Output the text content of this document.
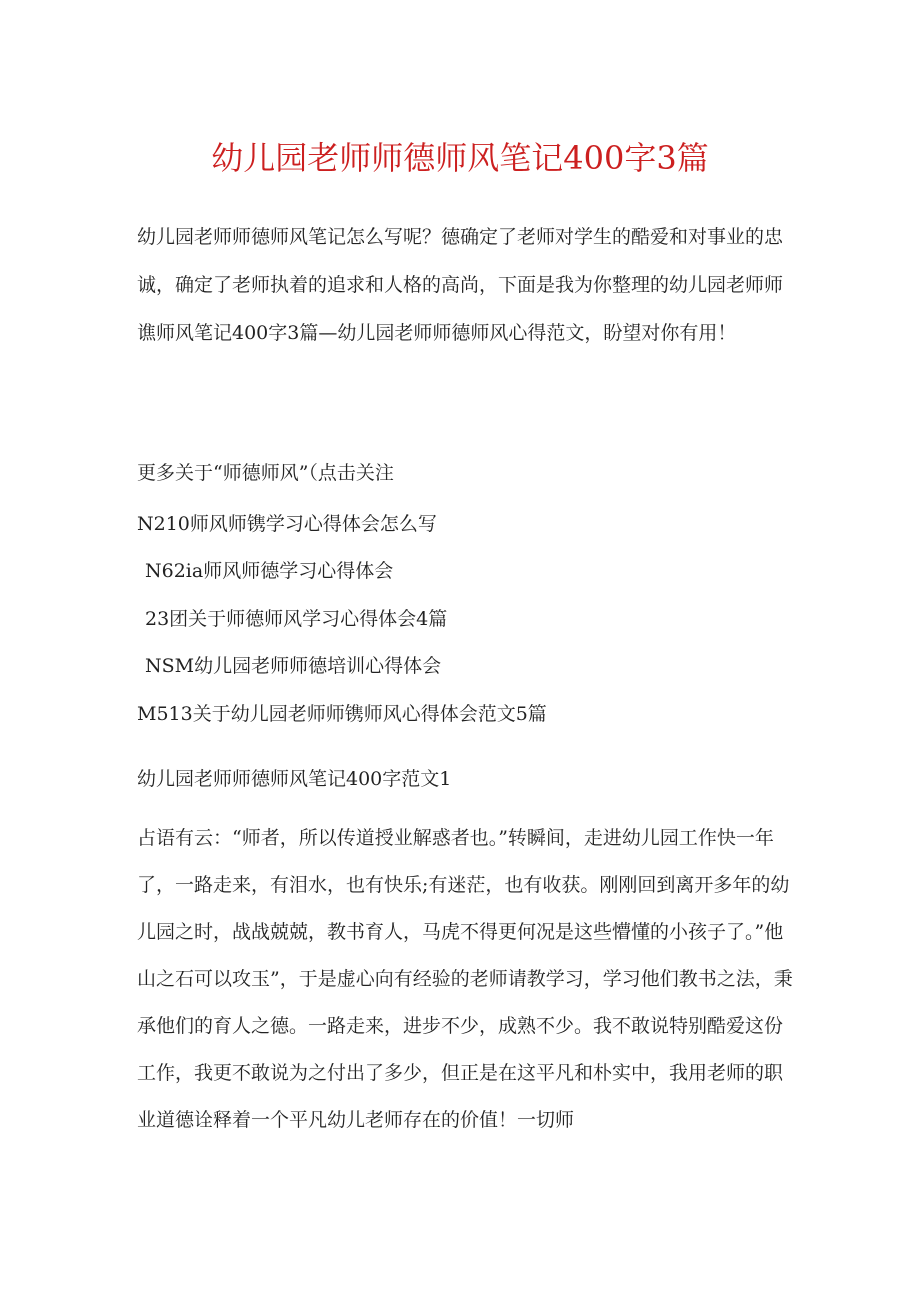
幼儿园老师师德师风笔记400字3篇

幼儿园老师师德师风笔记怎么写呢？德确定了老师对学生的酷爱和对事业的忠诚，确定了老师执着的追求和人格的高尚，下面是我为你整理的幼儿园老师师谯师风笔记400字3篇—幼儿园老师师德师风心得范文，盼望对你有用！

更多关于“师德师风”（点击关注
N210师风师镌学习心得体会怎么写
N62ia师风师德学习心得体会
23团关于师德师风学习心得体会4篇
NSM幼儿园老师师德培训心得体会
M513关于幼儿园老师师镌师风心得体会范文5篇
幼儿园老师师德师风笔记400字范文1

占语有云：“师者，所以传道授业解惑者也。”转瞬间，走进幼儿园工作快一年了，一路走来，有泪水，也有快乐;有迷茫，也有收获。刚刚回到离开多年的幼儿园之时，战战兢兢，教书育人，马虎不得更何况是这些懵懂的小孩子了。”他山之石可以攻玉”，于是虚心向有经验的老师请教学习，学习他们教书之法，秉承他们的育人之德。一路走来，进步不少，成熟不少。我不敢说特别酷爱这份工作，我更不敢说为之付出了多少，但正是在这平凡和朴实中，我用老师的职业道德诠释着一个平凡幼儿老师存在的价值！一切师
